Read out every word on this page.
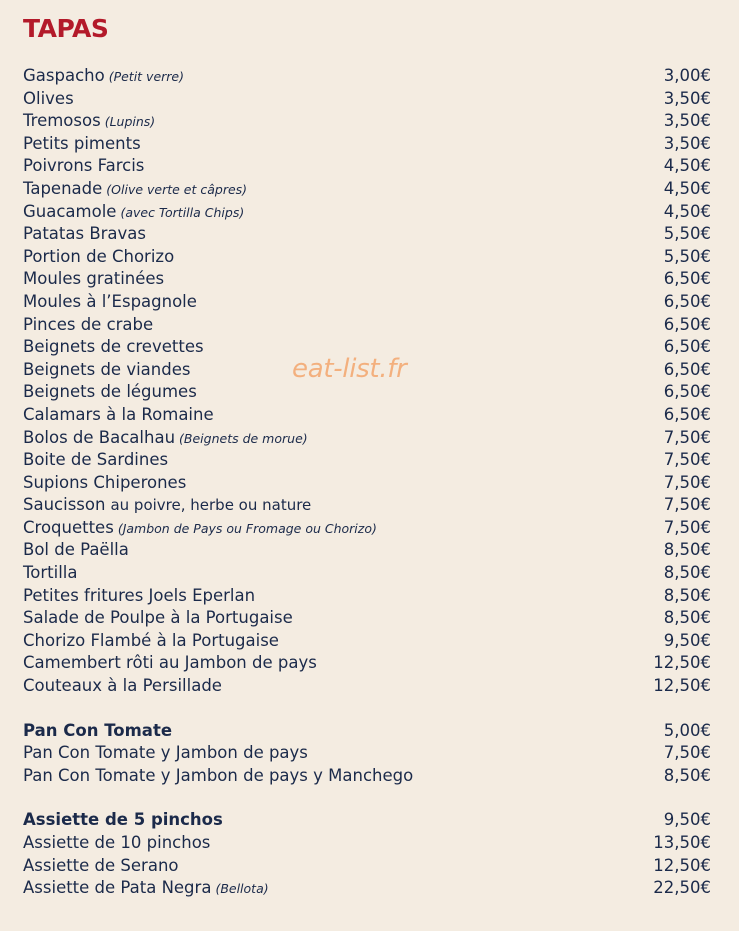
TAPAS
eat-list.fr
Gaspacho (Petit verre)	3,00€
Olives	3,50€
Tremosos (Lupins)	3,50€
Petits piments	3,50€
Poivrons Farcis	4,50€
Tapenade (Olive verte et câpres)	4,50€
Guacamole (avec Tortilla Chips)	4,50€
Patatas Bravas	5,50€
Portion de Chorizo	5,50€
Moules gratinées	6,50€
Moules à l’Espagnole	6,50€
Pinces de crabe	6,50€
Beignets de crevettes	6,50€
Beignets de viandes	6,50€
Beignets de légumes	6,50€
Calamars à la Romaine	6,50€
Bolos de Bacalhau (Beignets de morue)	7,50€
Boite de Sardines	7,50€
Supions Chiperones	7,50€
Saucisson au poivre, herbe ou nature	7,50€
Croquettes (Jambon de Pays ou Fromage ou Chorizo)	7,50€
Bol de Paëlla	8,50€
Tortilla	8,50€
Petites fritures Joels Eperlan	8,50€
Salade de Poulpe à la Portugaise	8,50€
Chorizo Flambé à la Portugaise	9,50€
Camembert rôti au Jambon de pays	12,50€
Couteaux à la Persillade	12,50€
Pan Con Tomate	5,00€
Pan Con Tomate y Jambon de pays	7,50€
Pan Con Tomate y Jambon de pays y Manchego	8,50€
Assiette de 5 pinchos	9,50€
Assiette de 10 pinchos	13,50€
Assiette de Serano	12,50€
Assiette de Pata Negra (Bellota)	22,50€
